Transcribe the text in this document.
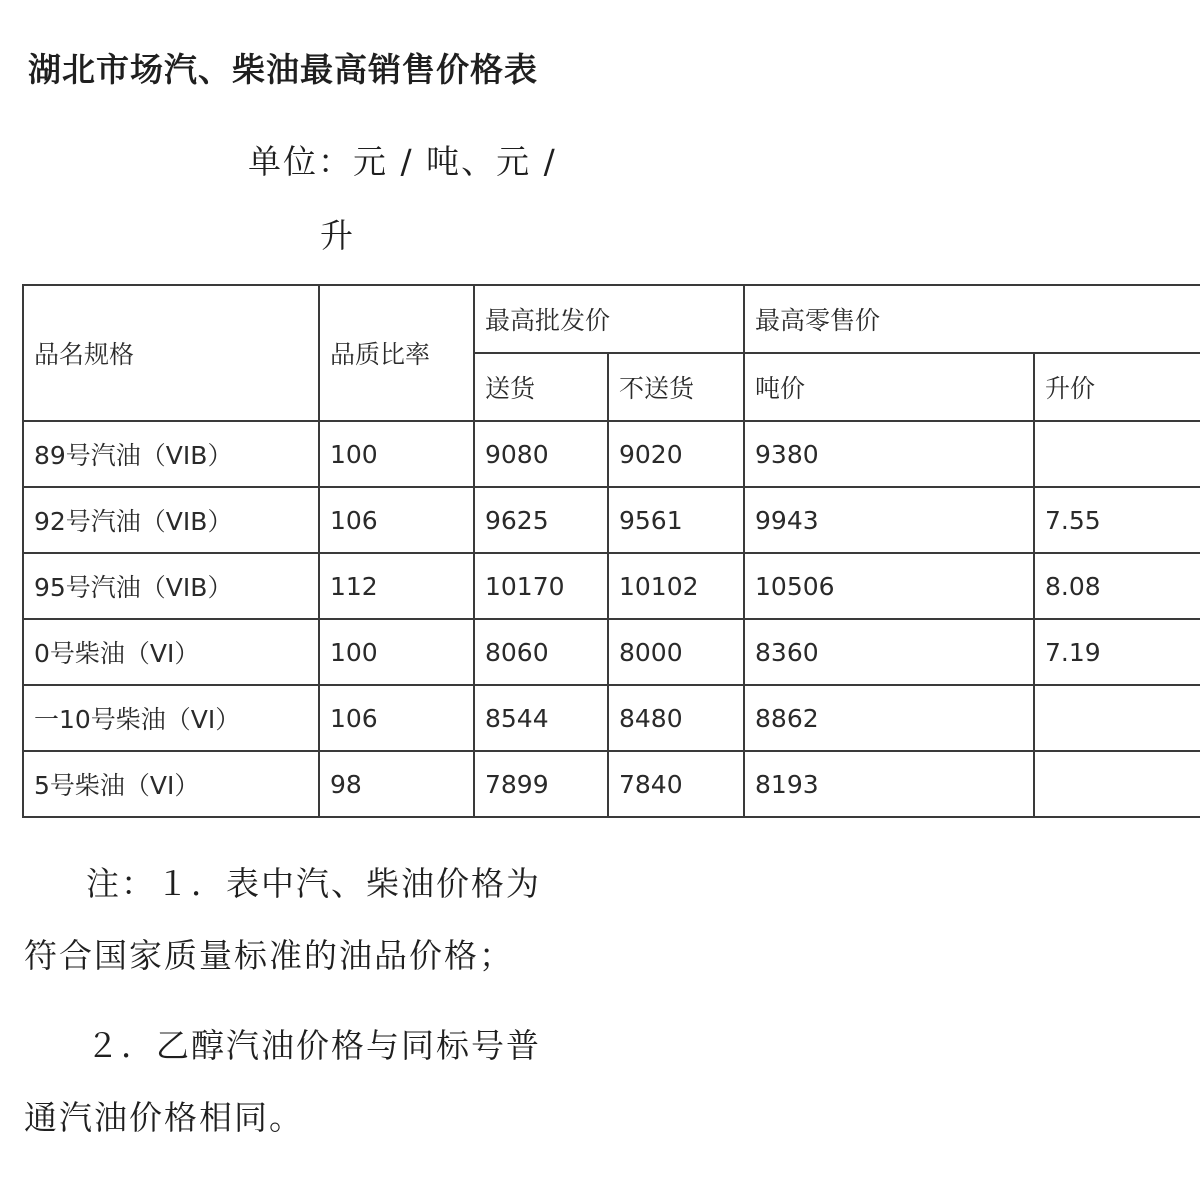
湖北市场汽、柴油最高销售价格表
单位：元 / 吨、元 /
升
品名规格	品质比率	最高批发价		最高零售价	
		送货	不送货	吨价	升价
89号汽油（VIB）	100	9080	9020	9380	
92号汽油（VIB）	106	9625	9561	9943	7.55
95号汽油（VIB）	112	10170	10102	10506	8.08
0号柴油（VI）	100	8060	8000	8360	7.19
一10号柴油（VI）	106	8544	8480	8862	
5号柴油（VI）	98	7899	7840	8193	
注：１．表中汽、柴油价格为
符合国家质量标准的油品价格；
２．乙醇汽油价格与同标号普
通汽油价格相同。
